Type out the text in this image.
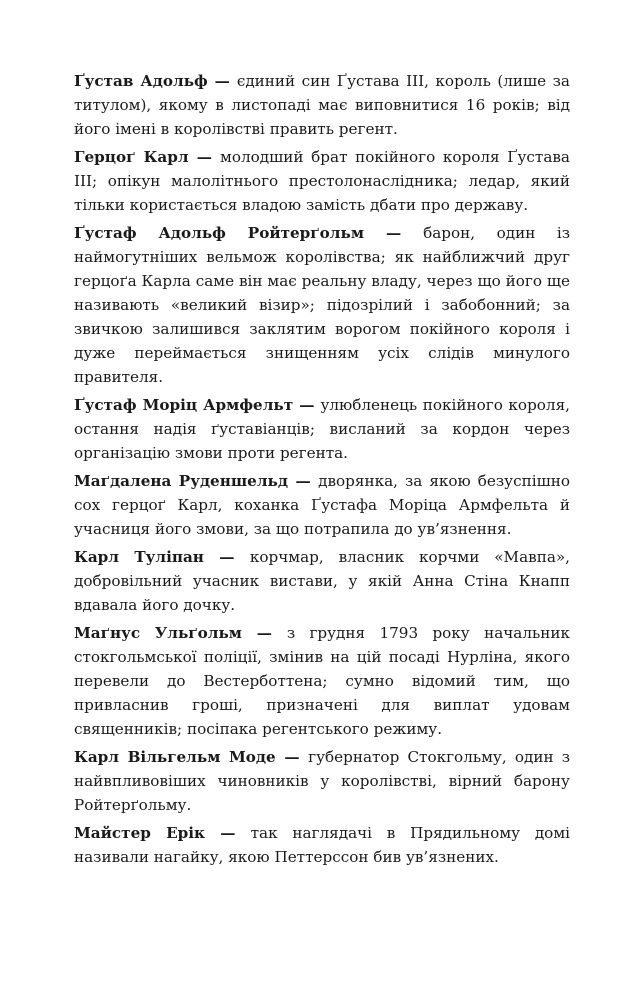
Ґустав Адольф — єдиний син Ґустава ІІІ, король (лише за титулом), якому в листопаді має виповнитися 16 років; від його імені в королівстві править регент.

Герцоґ Карл — молодший брат покійного короля Ґустава ІІІ; опікун малолітнього престолонаслідника; ледар, який тільки користається владою замість дбати про державу.

Ґустаф Адольф Ройтерґольм — барон, один із наймогутніших вельмож королівства; як найближчий друг герцоґа Карла саме він має реальну владу, через що його ще називають «великий візир»; підозрілий і забобонний; за звичкою залишився заклятим ворогом покійного короля і дуже переймається знищенням усіх слідів минулого правителя.

Ґустаф Моріц Армфельт — улюбленець покійного короля, остання надія ґуставіанців; висланий за кордон через організацію змови проти регента.

Маґдалена Руденшельд — дворянка, за якою безуспішно сох герцоґ Карл, коханка Ґустафа Моріца Армфельта й учасниця його змови, за що потрапила до ув’язнення.

Карл Туліпан — корчмар, власник корчми «Мавпа», добровільний учасник вистави, у якій Анна Стіна Кнапп вдавала його дочку.

Маґнус Ульґольм — з грудня 1793 року начальник стокгольмської поліції, змінив на цій посаді Нурліна, якого перевели до Вестерботтена; сумно відомий тим, що привласнив гроші, призначені для виплат удовам священників; посіпака регентського режиму.

Карл Вільгельм Моде — губернатор Стокгольму, один з найвпливовіших чиновників у королівстві, вірний барону Ройтерґольму.

Майстер Ерік — так наглядачі в Прядильному домі називали нагайку, якою Петтерссон бив ув’язнених.
